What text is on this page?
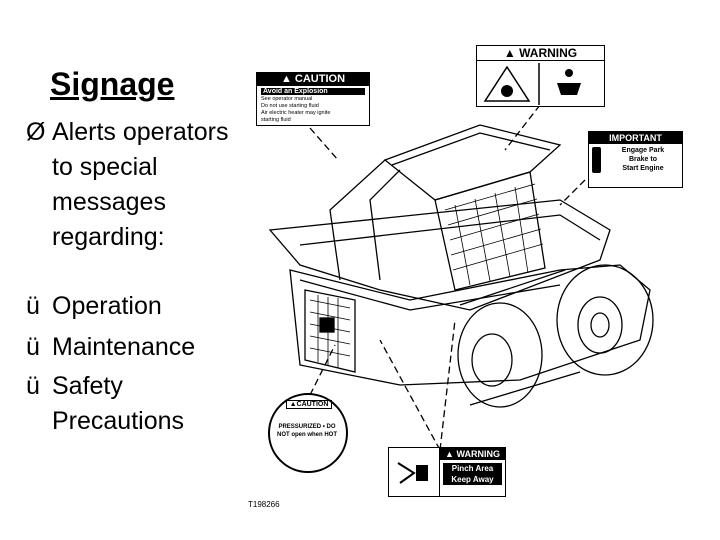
Signage
Ø Alerts operators to special messages regarding:
ü Operation
ü Maintenance
ü Safety Precautions
▲ CAUTION
Avoid an Explosion
See operator manual
Do not use starting fluid
Air electric heater may ignite
starting fluid
▲ WARNING
IMPORTANT
Engage Park
Brake to
Start Engine
▲CAUTION
PRESSURIZED • DO NOT open when HOT
▲ WARNING
Pinch Area
Keep Away
T198266
